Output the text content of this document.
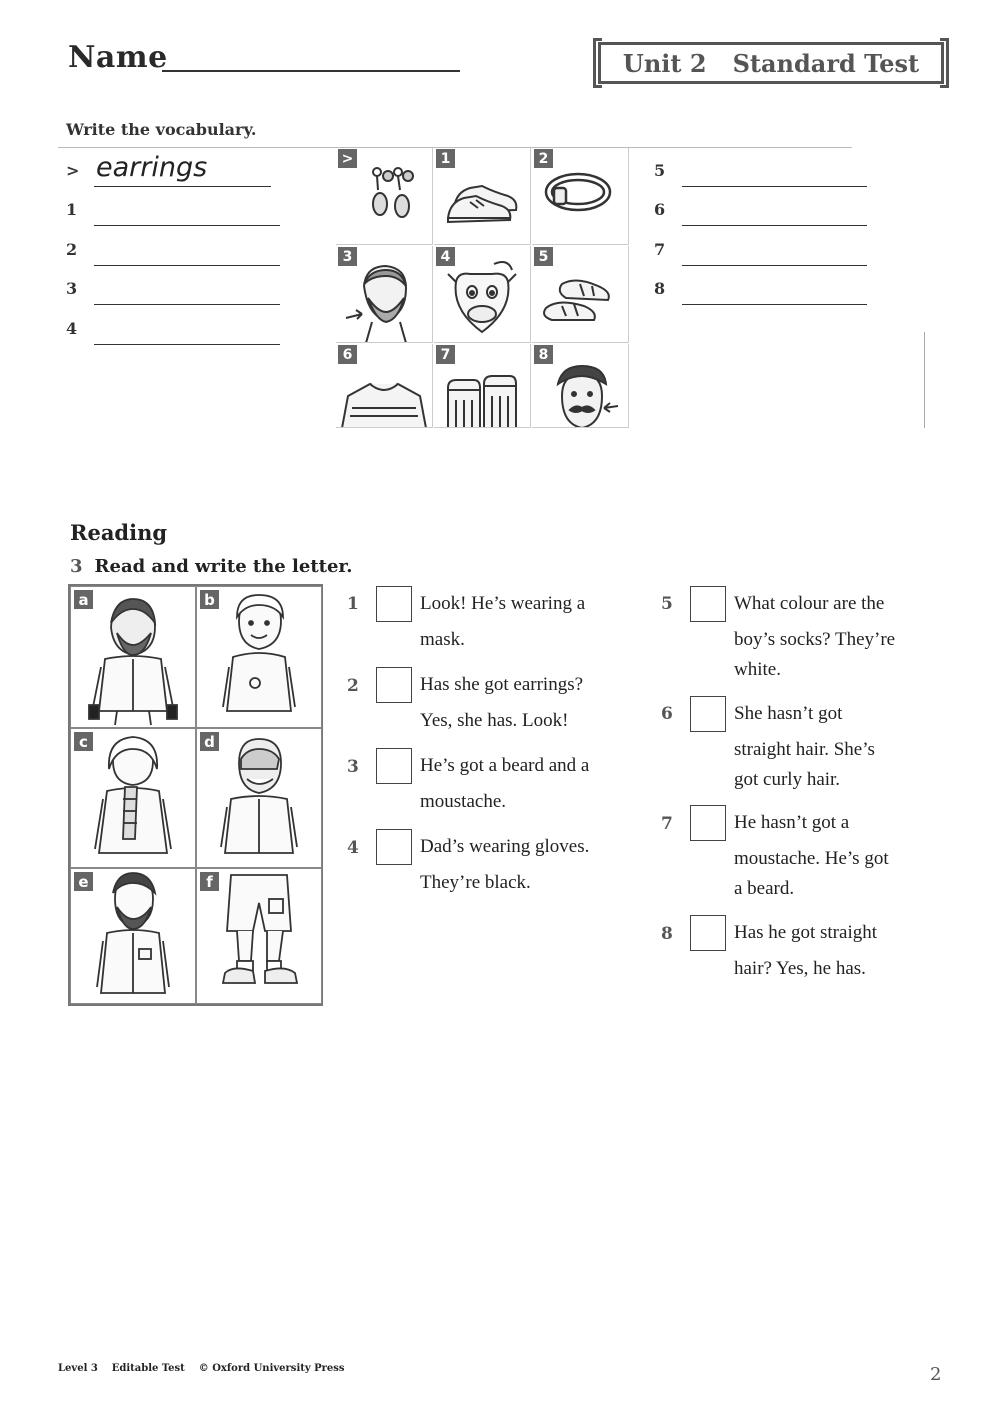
Name	Unit 2 Standard Test
Write the vocabulary.
> earrings
1
2
3
4
5
6
7
8
>	1	2
3	4	5
6	7	8
Reading
3 Read and write the letter.
a	b
c	d
e	f
1	Look! He’s wearing a
mask.
2	Has she got earrings?
Yes, she has. Look!
3	He’s got a beard and a
moustache.
4	Dad’s wearing gloves.
They’re black.
5	What colour are the
boy’s socks? They’re
white.
6	She hasn’t got
straight hair. She’s
got curly hair.
7	He hasn’t got a
moustache. He’s got
a beard.
8	Has he got straight
hair? Yes, he has.
Level 3    Editable Test    © Oxford University Press	2
